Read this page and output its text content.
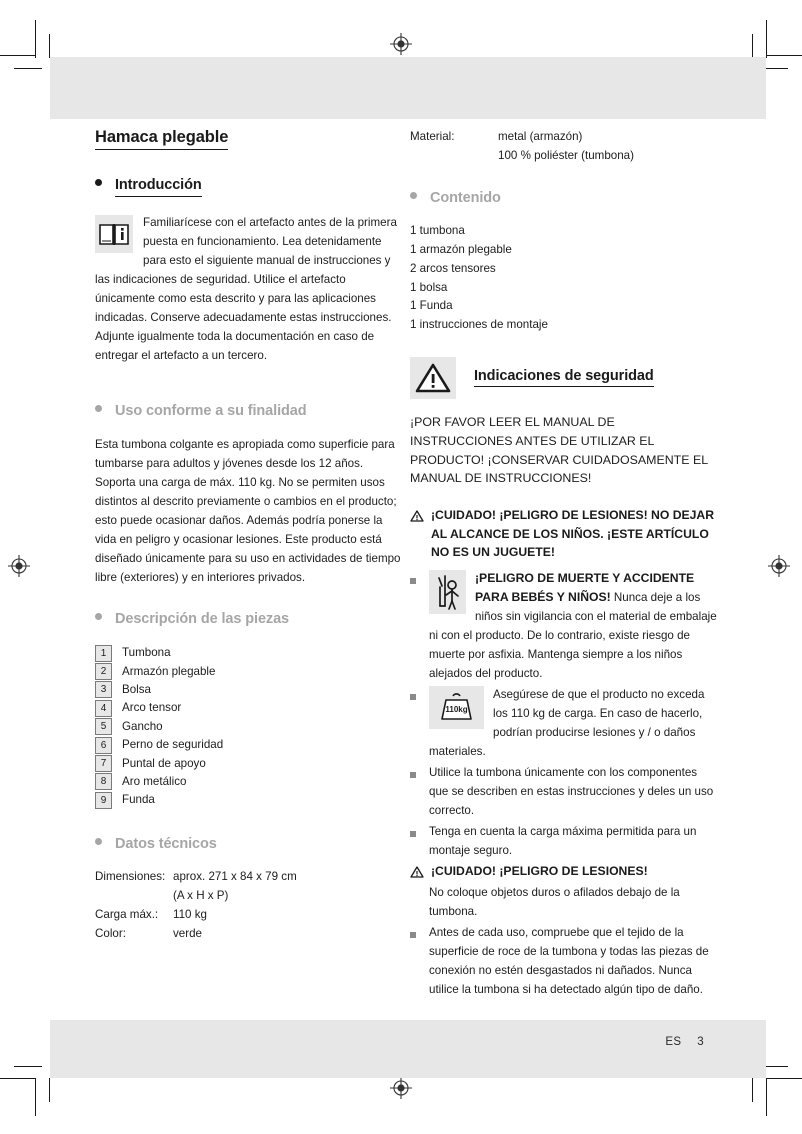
ES 3
Hamaca plegable
Introducción

Familiarícese con el artefacto antes de la primera puesta en funcionamiento. Lea detenidamente para esto el siguiente manual de instrucciones y las indicaciones de seguridad. Utilice el artefacto únicamente como esta descrito y para las aplicaciones indicadas. Conserve adecuadamente estas instrucciones. Adjunte igualmente toda la documentación en caso de entregar el artefacto a un tercero.

Uso conforme a su finalidad

Esta tumbona colgante es apropiada como superficie para tumbarse para adultos y jóvenes desde los 12 años. Soporta una carga de máx. 110 kg. No se permiten usos distintos al descrito previamente o cambios en el producto; esto puede ocasionar daños. Además podría ponerse la vida en peligro y ocasionar lesiones. Este producto está diseñado únicamente para su uso en actividades de tiempo libre (exteriores) y en interiores privados.

Descripción de las piezas
1	Tumbona
2	Armazón plegable
3	Bolsa
4	Arco tensor
5	Gancho
6	Perno de seguridad
7	Puntal de apoyo
8	Aro metálico
9	Funda
Datos técnicos
Dimensiones: aprox. 271 x 84 x 79 cm
(A x H x P)
Carga máx.:	110 kg
Color:	verde
Material:	metal (armazón)
100 % poliéster (tumbona)
Contenido
1 tumbona
1 armazón plegable
2 arcos tensores
1 bolsa
1 Funda
1 instrucciones de montaje
Indicaciones de seguridad

¡POR FAVOR LEER EL MANUAL DE INSTRUCCIONES ANTES DE UTILIZAR EL PRODUCTO! ¡CONSERVAR CUIDADOSAMENTE EL MANUAL DE INSTRUCCIONES!

¡CUIDADO! ¡PELIGRO DE LESIONES! NO DEJAR AL ALCANCE DE LOS NIÑOS. ¡ESTE ARTÍCULO NO ES UN JUGUETE!
¡PELIGRO DE MUERTE Y ACCIDENTE PARA BEBÉS Y NIÑOS! Nunca deje a los niños sin vigilancia con el material de embalaje ni con el producto. De lo contrario, existe riesgo de muerte por asfixia. Mantenga siempre a los niños alejados del producto.
110kg
Asegúrese de que el producto no exceda los 110 kg de carga. En caso de hacerlo, podrían producirse lesiones y / o daños materiales.
Utilice la tumbona únicamente con los componentes que se describen en estas instrucciones y deles un uso correcto.
Tenga en cuenta la carga máxima permitida para un montaje seguro.
¡CUIDADO! ¡PELIGRO DE LESIONES!
No coloque objetos duros o afilados debajo de la tumbona.
Antes de cada uso, compruebe que el tejido de la superficie de roce de la tumbona y todas las piezas de conexión no estén desgastados ni dañados. Nunca utilice la tumbona si ha detectado algún tipo de daño.
